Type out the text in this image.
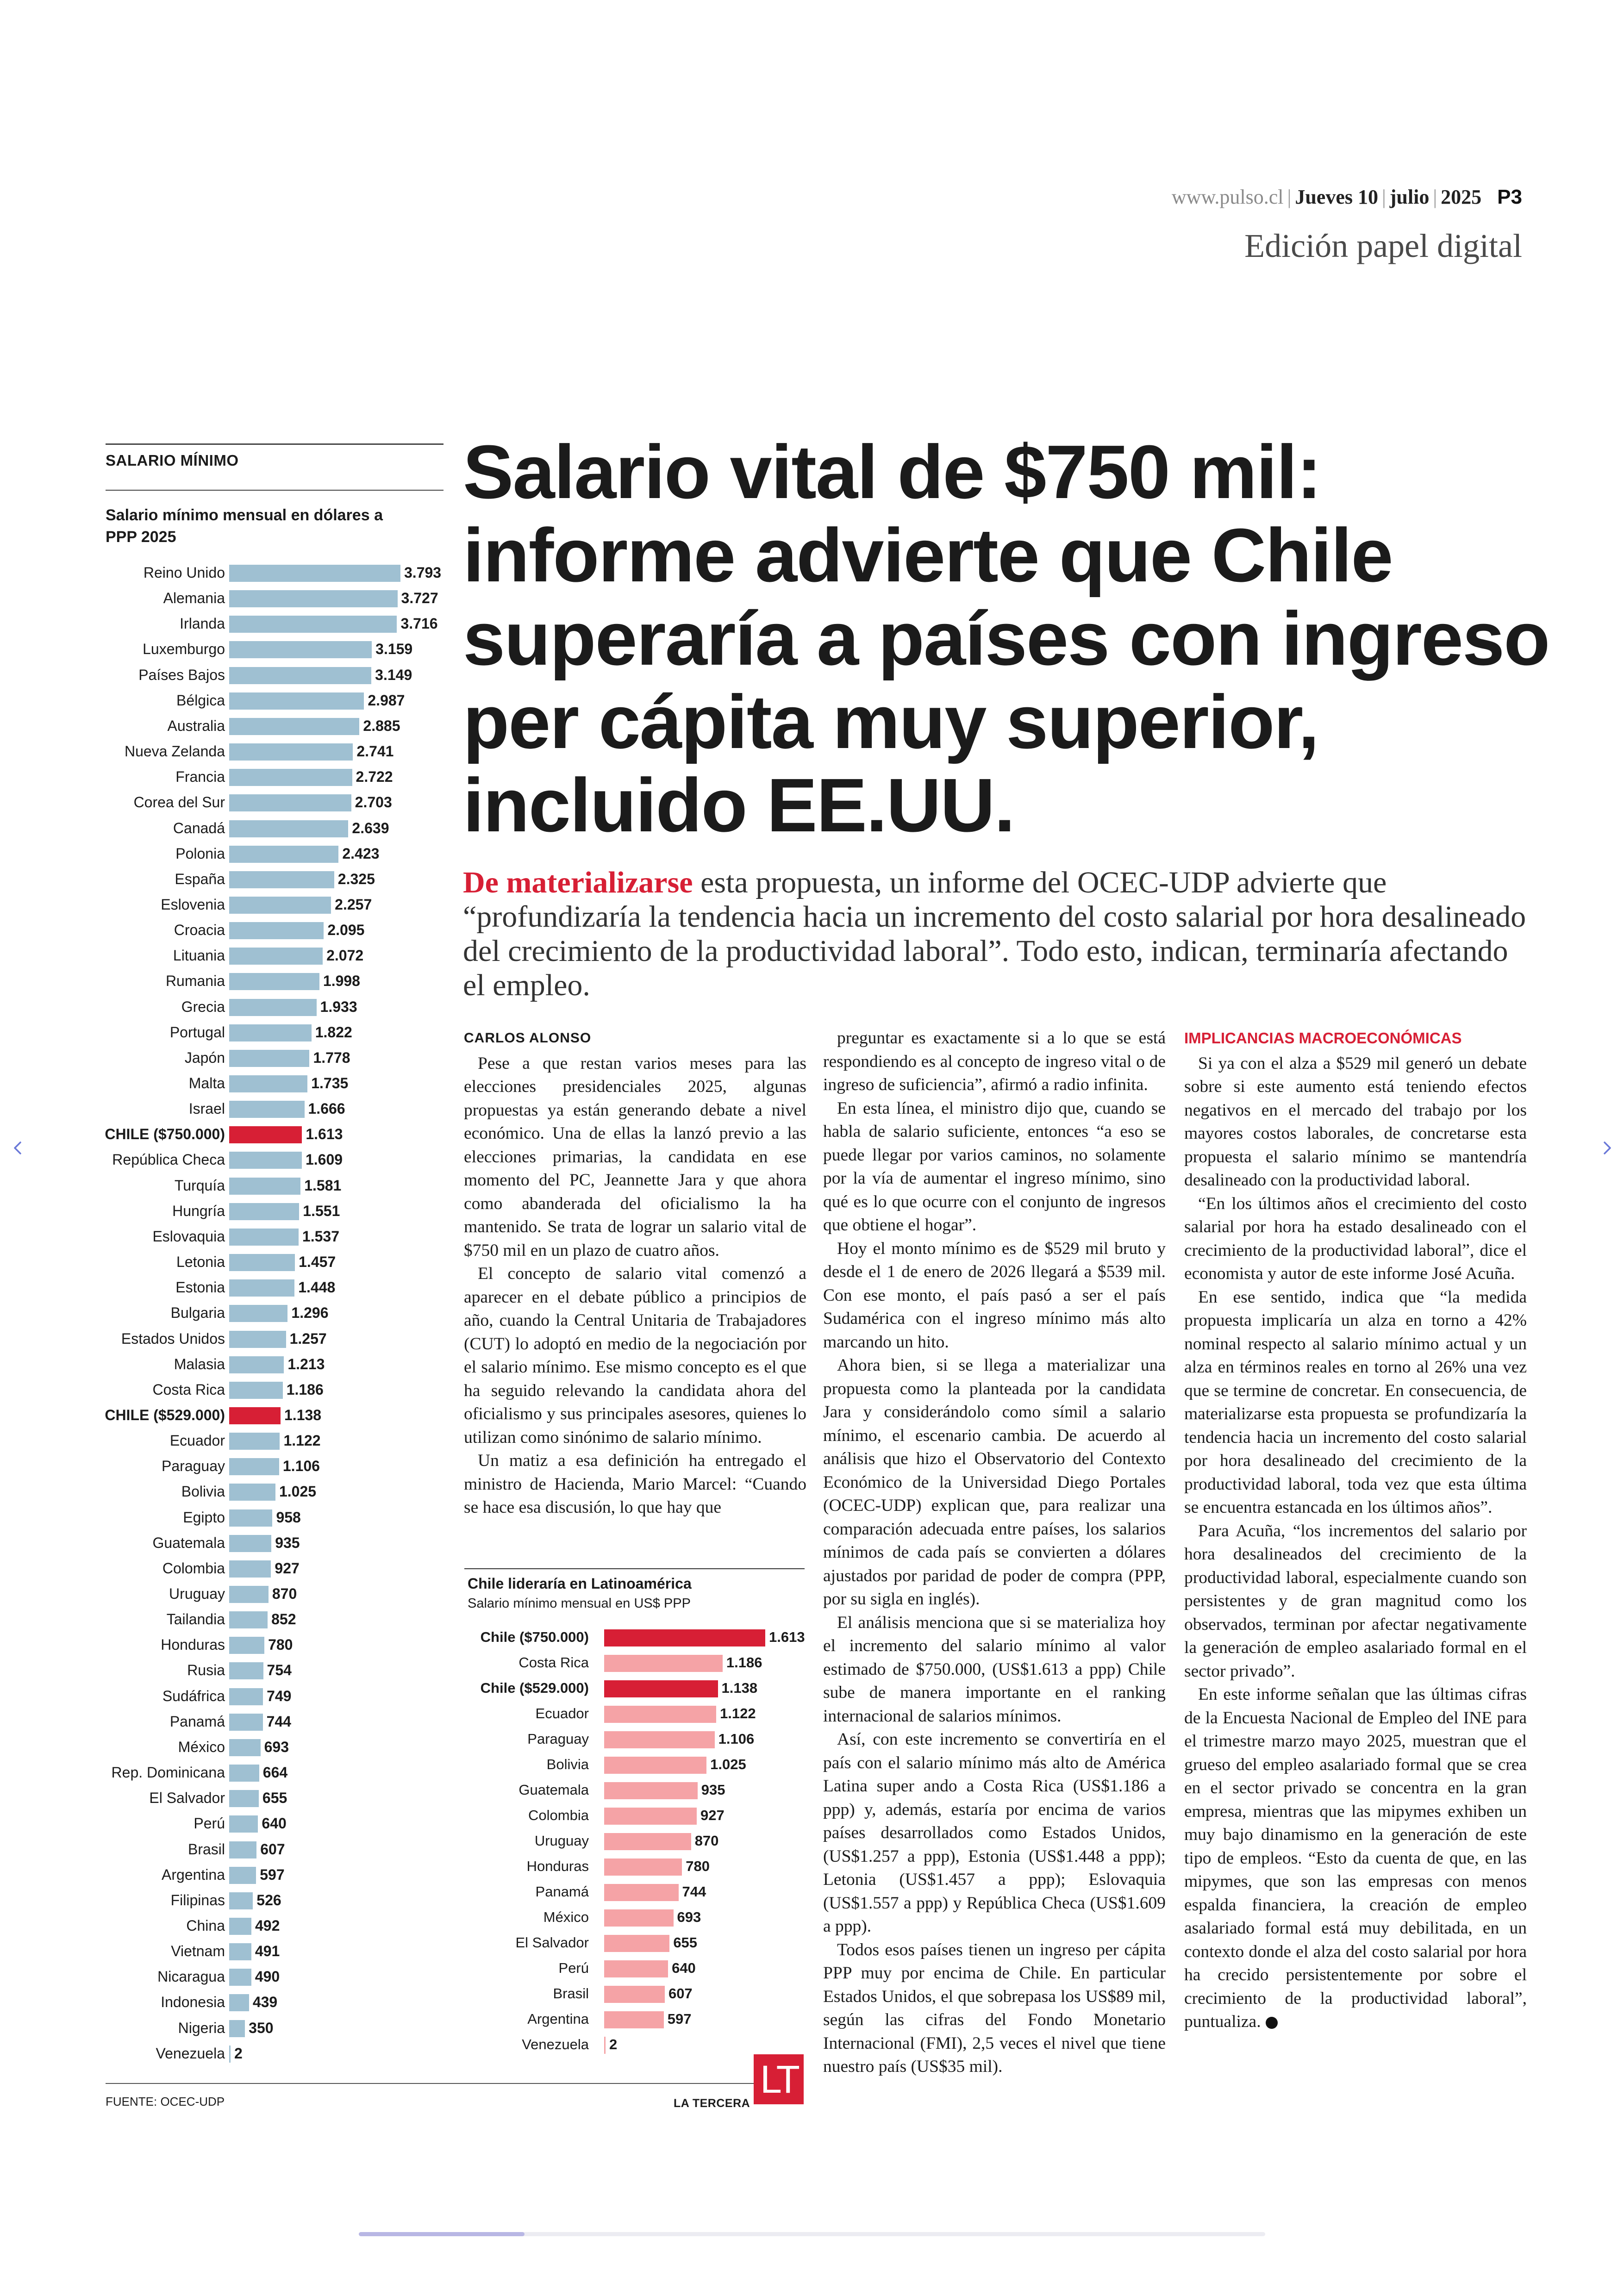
www.pulso.cl | Jueves 10 | julio | 2025 P3
Edición papel digital
SALARIO MÍNIMO
Salario mínimo mensual en dólares a PPP 2025
Reino Unido	3.793
Alemania	3.727
Irlanda	3.716
Luxemburgo	3.159
Países Bajos	3.149
Bélgica	2.987
Australia	2.885
Nueva Zelanda	2.741
Francia	2.722
Corea del Sur	2.703
Canadá	2.639
Polonia	2.423
España	2.325
Eslovenia	2.257
Croacia	2.095
Lituania	2.072
Rumania	1.998
Grecia	1.933
Portugal	1.822
Japón	1.778
Malta	1.735
Israel	1.666
CHILE ($750.000)	1.613
República Checa	1.609
Turquía	1.581
Hungría	1.551
Eslovaquia	1.537
Letonia	1.457
Estonia	1.448
Bulgaria	1.296
Estados Unidos	1.257
Malasia	1.213
Costa Rica	1.186
CHILE ($529.000)	1.138
Ecuador	1.122
Paraguay	1.106
Bolivia	1.025
Egipto	958
Guatemala	935
Colombia	927
Uruguay	870
Tailandia	852
Honduras	780
Rusia	754
Sudáfrica	749
Panamá	744
México	693
Rep. Dominicana	664
El Salvador	655
Perú 640
Brasil 607
Argentina 597
Filipinas 526
China 492
Vietnam 491
Nicaragua 490
Indonesia 439
Nigeria 350
Venezuela 2
FUENTE: OCEC-UDP
Salario vital de $750 mil: informe advierte que Chile superaría a países con ingreso per cápita muy superior, incluido EE.UU.
De materializarse esta propuesta, un informe del OCEC-UDP advierte que “profundizaría la tendencia hacia un incremento del costo salarial por hora desalineado del crecimiento de la productividad laboral”. Todo esto, indican, terminaría afectando el empleo.
CARLOS ALONSO

Pese a que restan varios meses para las elecciones presidenciales 2025, algunas propuestas ya están generando debate a nivel económico. Una de ellas la lanzó previo a las elecciones primarias, la candidata en ese momento del PC, Jeannette Jara y que ahora como abanderada del oficialismo la ha mantenido. Se trata de lograr un salario vital de $750 mil en un plazo de cuatro años.

El concepto de salario vital comenzó a aparecer en el debate público a principios de año, cuando la Central Unitaria de Trabajadores (CUT) lo adoptó en medio de la negociación por el salario mínimo. Ese mismo concepto es el que ha seguido relevando la candidata ahora del oficialismo y sus principales asesores, quienes lo utilizan como sinónimo de salario mínimo.

Un matiz a esa definición ha entregado el ministro de Hacienda, Mario Marcel: “Cuando se hace esa discusión, lo que hay que

Chile lideraría en Latinoamérica
Salario mínimo mensual en US$ PPP
Chile ($750.000)	1.613
Costa Rica	1.186
Chile ($529.000)	1.138
Ecuador	1.122
Paraguay	1.106
Bolivia	1.025
Guatemala	935
Colombia	927
Uruguay	870
Honduras	780
Panamá	744
México	693
El Salvador	655
Perú	640
Brasil	607
Argentina	597
Venezuela 2
LA TERCERA
LT

preguntar es exactamente si a lo que se está respondiendo es al concepto de ingreso vital o de ingreso de suficiencia”, afirmó a radio infinita.

En esta línea, el ministro dijo que, cuando se habla de salario suficiente, entonces “a eso se puede llegar por varios caminos, no solamente por la vía de aumentar el ingreso mínimo, sino qué es lo que ocurre con el conjunto de ingresos que obtiene el hogar”.

Hoy el monto mínimo es de $529 mil bruto y desde el 1 de enero de 2026 llegará a $539 mil. Con ese monto, el país pasó a ser el país Sudamérica con el ingreso mínimo más alto marcando un hito.

Ahora bien, si se llega a materializar una propuesta como la planteada por la candidata Jara y considerándolo como símil a salario mínimo, el escenario cambia. De acuerdo al análisis que hizo el Observatorio del Contexto Económico de la Universidad Diego Portales (OCEC-UDP) explican que, para realizar una comparación adecuada entre países, los salarios mínimos de cada país se convierten a dólares ajustados por paridad de poder de compra (PPP, por su sigla en inglés).

El análisis menciona que si se materializa hoy el incremento del salario mínimo al valor estimado de $750.000, (US$1.613 a ppp) Chile sube de manera importante en el ranking internacional de salarios mínimos.

Así, con este incremento se convertiría en el país con el salario mínimo más alto de América Latina super ando a Costa Rica (US$1.186 a ppp) y, además, estaría por encima de varios países desarrollados como Estados Unidos, (US$1.257 a ppp), Estonia (US$1.448 a ppp); Letonia (US$1.457 a ppp); Eslovaquia (US$1.557 a ppp) y República Checa (US$1.609 a ppp).

Todos esos países tienen un ingreso per cápita PPP muy por encima de Chile. En particular Estados Unidos, el que sobrepasa los US$89 mil, según las cifras del Fondo Monetario Internacional (FMI), 2,5 veces el nivel que tiene nuestro país (US$35 mil).

IMPLICANCIAS MACROECONÓMICAS

Si ya con el alza a $529 mil generó un debate sobre si este aumento está teniendo efectos negativos en el mercado del trabajo por los mayores costos laborales, de concretarse esta propuesta el salario mínimo se mantendría desalineado con la productividad laboral.

“En los últimos años el crecimiento del costo salarial por hora ha estado desalineado con el crecimiento de la productividad laboral”, dice el economista y autor de este informe José Acuña.

En ese sentido, indica que “la medida propuesta implicaría un alza en torno a 42% nominal respecto al salario mínimo actual y un alza en términos reales en torno al 26% una vez que se termine de concretar. En consecuencia, de materializarse esta propuesta se profundizaría la tendencia hacia un incremento del costo salarial por hora desalineado del crecimiento de la productividad laboral, toda vez que esta última se encuentra estancada en los últimos años”.

Para Acuña, “los incrementos del salario por hora desalineados del crecimiento de la productividad laboral, especialmente cuando son persistentes y de gran magnitud como los observados, terminan por afectar negativamente la generación de empleo asalariado formal en el sector privado”.

En este informe señalan que las últimas cifras de la Encuesta Nacional de Empleo del INE para el trimestre marzo mayo 2025, muestran que el grueso del empleo asalariado formal que se crea en el sector privado se concentra en la gran empresa, mientras que las mipymes exhiben un muy bajo dinamismo en la generación de este tipo de empleos. “Esto da cuenta de que, en las mipymes, que son las empresas con menos espalda financiera, la creación de empleo asalariado formal está muy debilitada, en un contexto donde el alza del costo salarial por hora ha crecido persistentemente por sobre el crecimiento de la productividad laboral”, puntualiza.
